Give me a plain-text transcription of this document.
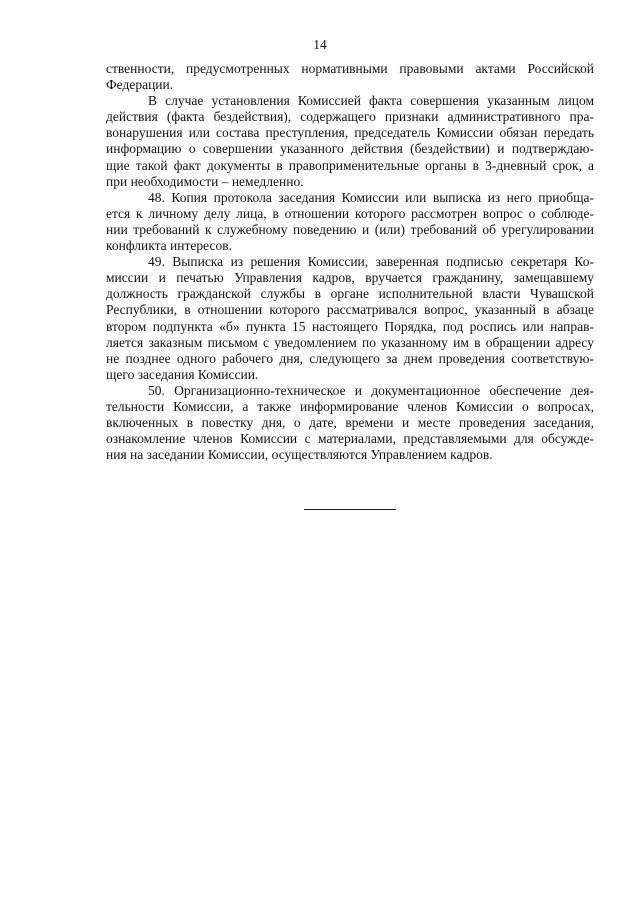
14

ственности, предусмотренных нормативными правовыми актами Российской
Федерации.

В случае установления Комиссией факта совершения указанным лицом
действия (факта бездействия), содержащего признаки административного пра-
вонарушения или состава преступления, председатель Комиссии обязан передать
информацию о совершении указанного действия (бездействии) и подтверждаю-
щие такой факт документы в правоприменительные органы в 3-дневный срок, а
при необходимости – немедленно.

48. Копия протокола заседания Комиссии или выписка из него приобща-
ется к личному делу лица, в отношении которого рассмотрен вопрос о соблюде-
нии требований к служебному поведению и (или) требований об урегулировании
конфликта интересов.

49. Выписка из решения Комиссии, заверенная подписью секретаря Ко-
миссии и печатью Управления кадров, вручается гражданину, замещавшему
должность гражданской службы в органе исполнительной власти Чувашской
Республики, в отношении которого рассматривался вопрос, указанный в абзаце
втором подпункта «б» пункта 15 настоящего Порядка, под роспись или направ-
ляется заказным письмом с уведомлением по указанному им в обращении адресу
не позднее одного рабочего дня, следующего за днем проведения соответствую-
щего заседания Комиссии.

50. Организационно-техническое и документационное обеспечение дея-
тельности Комиссии, а также информирование членов Комиссии о вопросах,
включенных в повестку дня, о дате, времени и месте проведения заседания,
ознакомление членов Комиссии с материалами, представляемыми для обсужде-
ния на заседании Комиссии, осуществляются Управлением кадров.
